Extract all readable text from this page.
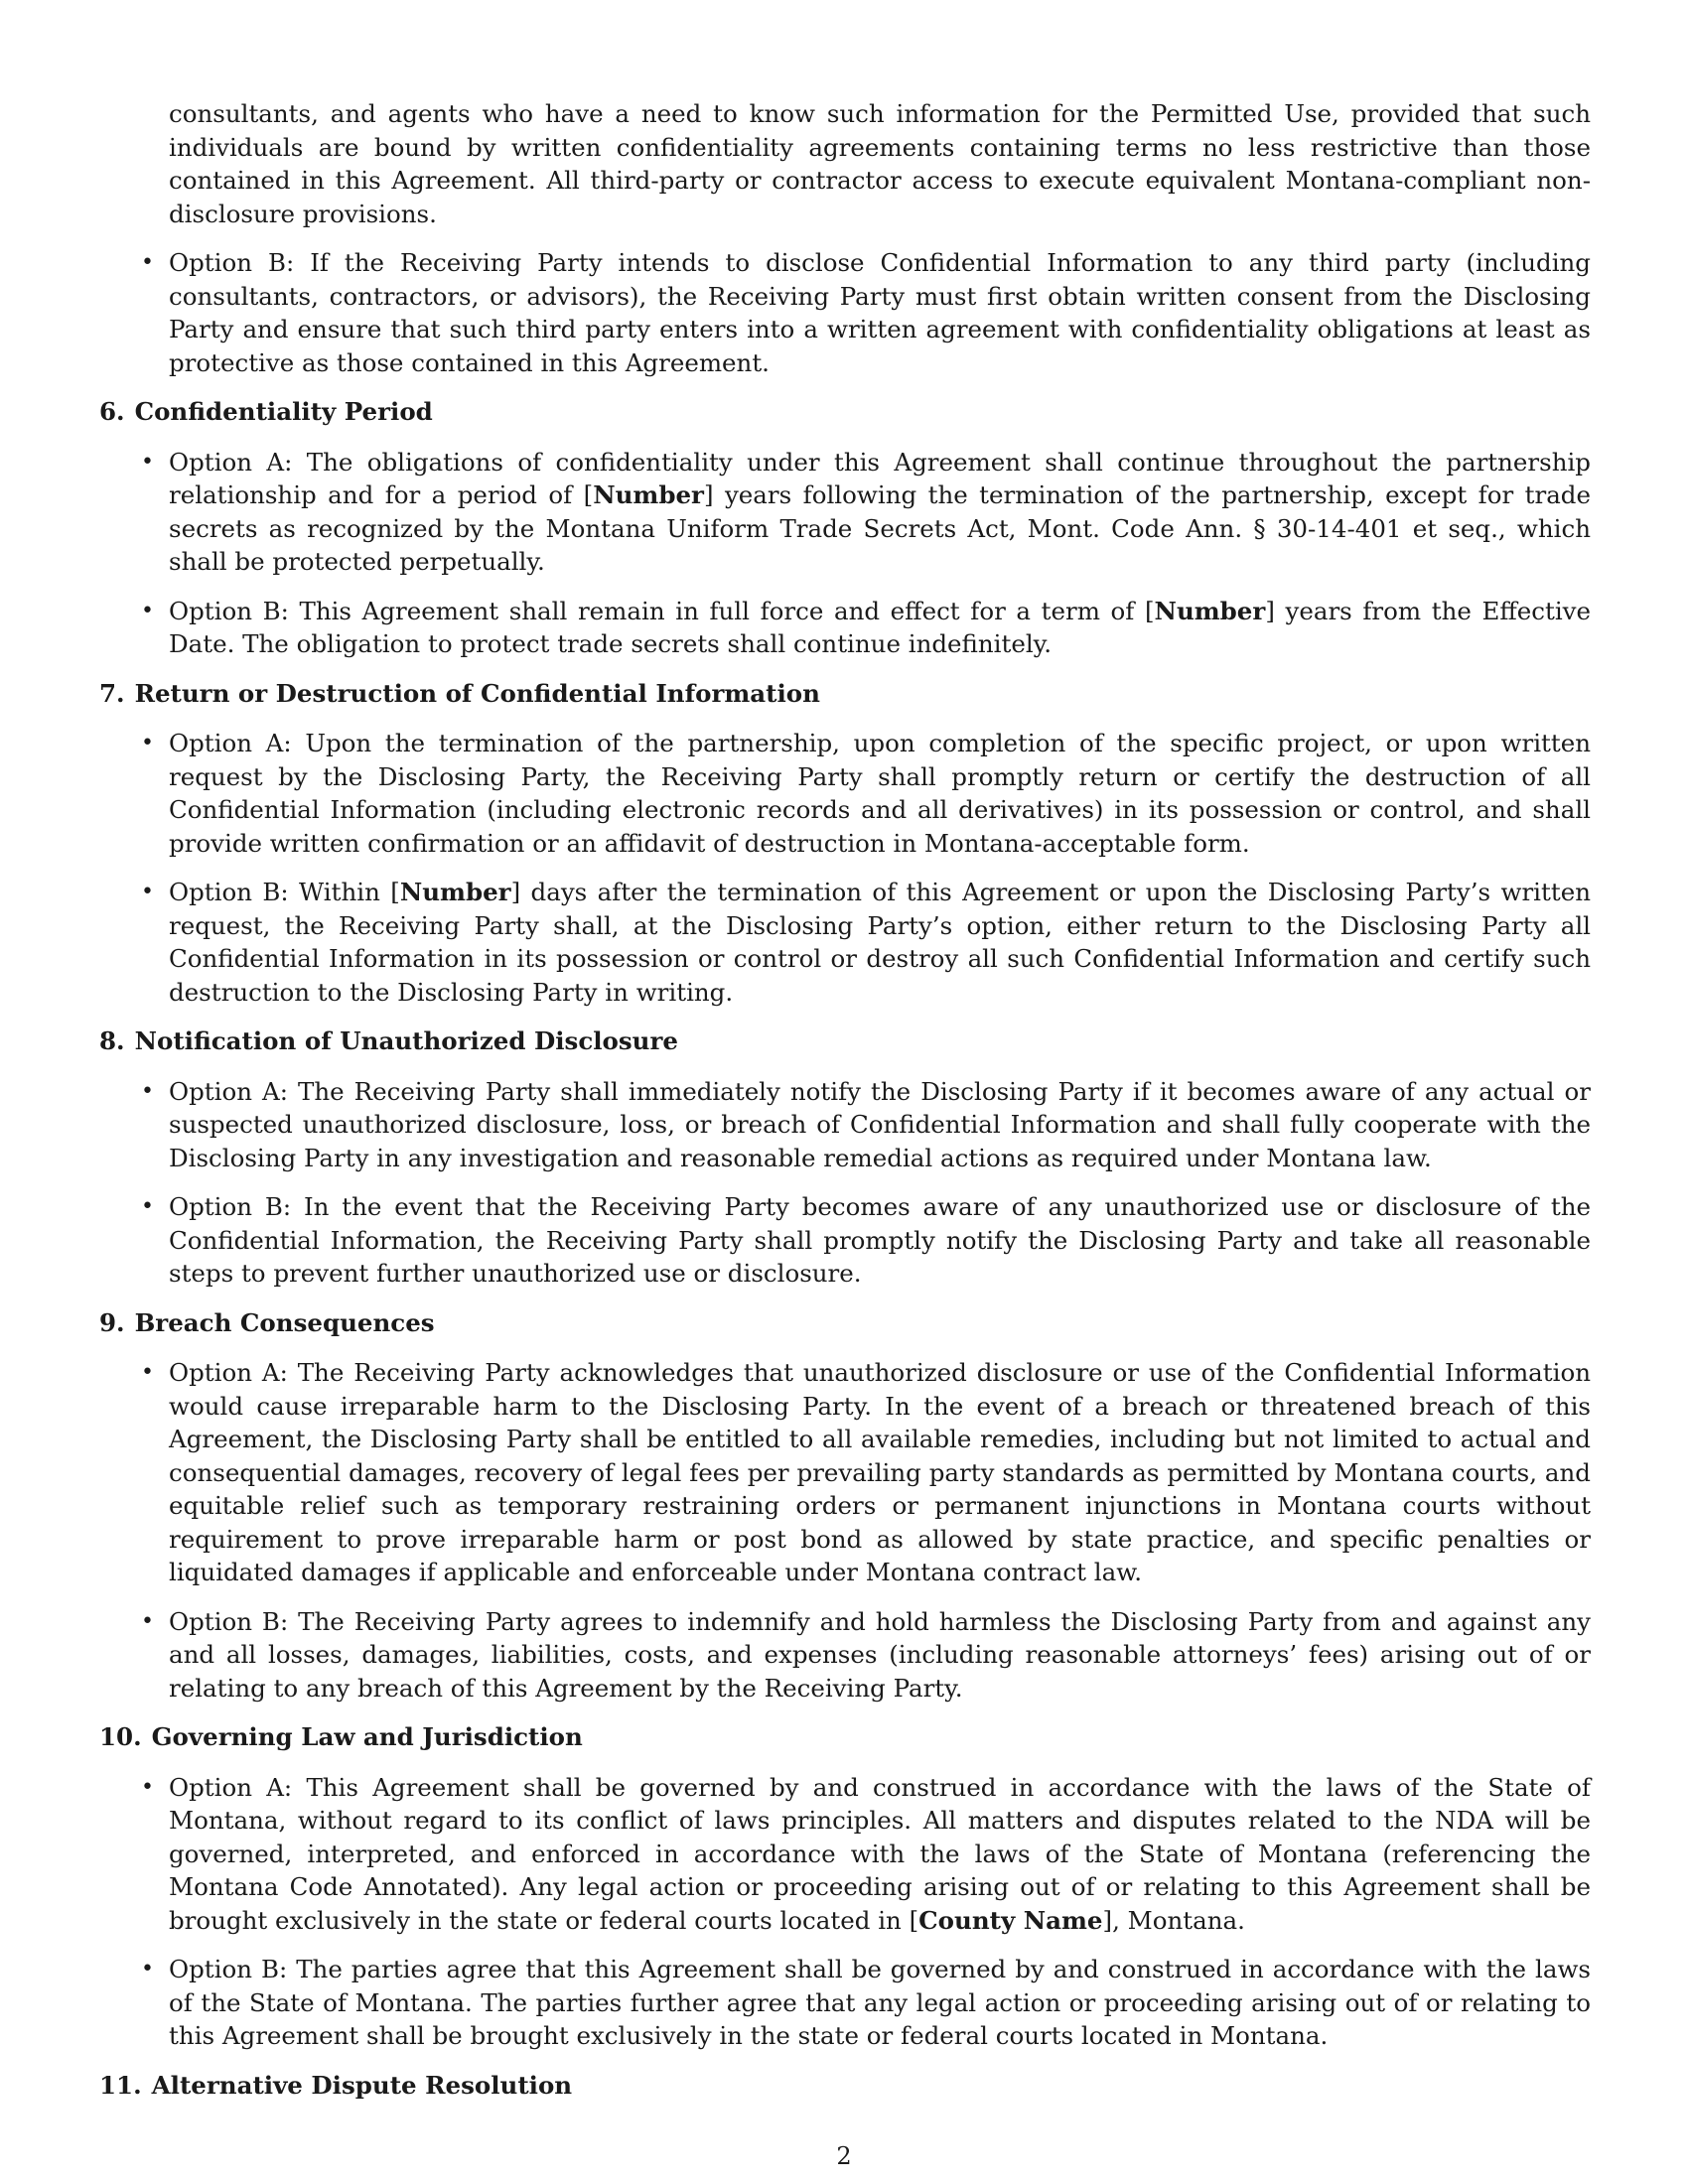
consultants, and agents who have a need to know such information for the Permitted Use, provided that such individuals are bound by written confidentiality agreements containing terms no less restrictive than those contained in this Agreement. All third-party or contractor access to execute equivalent Montana-compliant non-disclosure provisions.
• Option B: If the Receiving Party intends to disclose Confidential Information to any third party (including consultants, contractors, or advisors), the Receiving Party must first obtain written consent from the Disclosing Party and ensure that such third party enters into a written agreement with confidentiality obligations at least as protective as those contained in this Agreement.
6. Confidentiality Period
• Option A: The obligations of confidentiality under this Agreement shall continue throughout the partnership relationship and for a period of [Number] years following the termination of the partnership, except for trade secrets as recognized by the Montana Uniform Trade Secrets Act, Mont. Code Ann. § 30-14-401 et seq., which shall be protected perpetually.
• Option B: This Agreement shall remain in full force and effect for a term of [Number] years from the Effective Date. The obligation to protect trade secrets shall continue indefinitely.
7. Return or Destruction of Confidential Information
• Option A: Upon the termination of the partnership, upon completion of the specific project, or upon written request by the Disclosing Party, the Receiving Party shall promptly return or certify the destruction of all Confidential Information (including electronic records and all derivatives) in its possession or control, and shall provide written confirmation or an affidavit of destruction in Montana-acceptable form.
• Option B: Within [Number] days after the termination of this Agreement or upon the Disclosing Party’s written request, the Receiving Party shall, at the Disclosing Party’s option, either return to the Disclosing Party all Confidential Information in its possession or control or destroy all such Confidential Information and certify such destruction to the Disclosing Party in writing.
8. Notification of Unauthorized Disclosure
• Option A: The Receiving Party shall immediately notify the Disclosing Party if it becomes aware of any actual or suspected unauthorized disclosure, loss, or breach of Confidential Information and shall fully cooperate with the Disclosing Party in any investigation and reasonable remedial actions as required under Montana law.
• Option B: In the event that the Receiving Party becomes aware of any unauthorized use or disclosure of the Confidential Information, the Receiving Party shall promptly notify the Disclosing Party and take all reasonable steps to prevent further unauthorized use or disclosure.
9. Breach Consequences
• Option A: The Receiving Party acknowledges that unauthorized disclosure or use of the Confidential Information would cause irreparable harm to the Disclosing Party. In the event of a breach or threatened breach of this Agreement, the Disclosing Party shall be entitled to all available remedies, including but not limited to actual and consequential damages, recovery of legal fees per prevailing party standards as permitted by Montana courts, and equitable relief such as temporary restraining orders or permanent injunctions in Montana courts without requirement to prove irreparable harm or post bond as allowed by state practice, and specific penalties or liquidated damages if applicable and enforceable under Montana contract law.
• Option B: The Receiving Party agrees to indemnify and hold harmless the Disclosing Party from and against any and all losses, damages, liabilities, costs, and expenses (including reasonable attorneys’ fees) arising out of or relating to any breach of this Agreement by the Receiving Party.
10. Governing Law and Jurisdiction
• Option A: This Agreement shall be governed by and construed in accordance with the laws of the State of Montana, without regard to its conflict of laws principles. All matters and disputes related to the NDA will be governed, interpreted, and enforced in accordance with the laws of the State of Montana (referencing the Montana Code Annotated). Any legal action or proceeding arising out of or relating to this Agreement shall be brought exclusively in the state or federal courts located in [County Name], Montana.
• Option B: The parties agree that this Agreement shall be governed by and construed in accordance with the laws of the State of Montana. The parties further agree that any legal action or proceeding arising out of or relating to this Agreement shall be brought exclusively in the state or federal courts located in Montana.
11. Alternative Dispute Resolution
2
